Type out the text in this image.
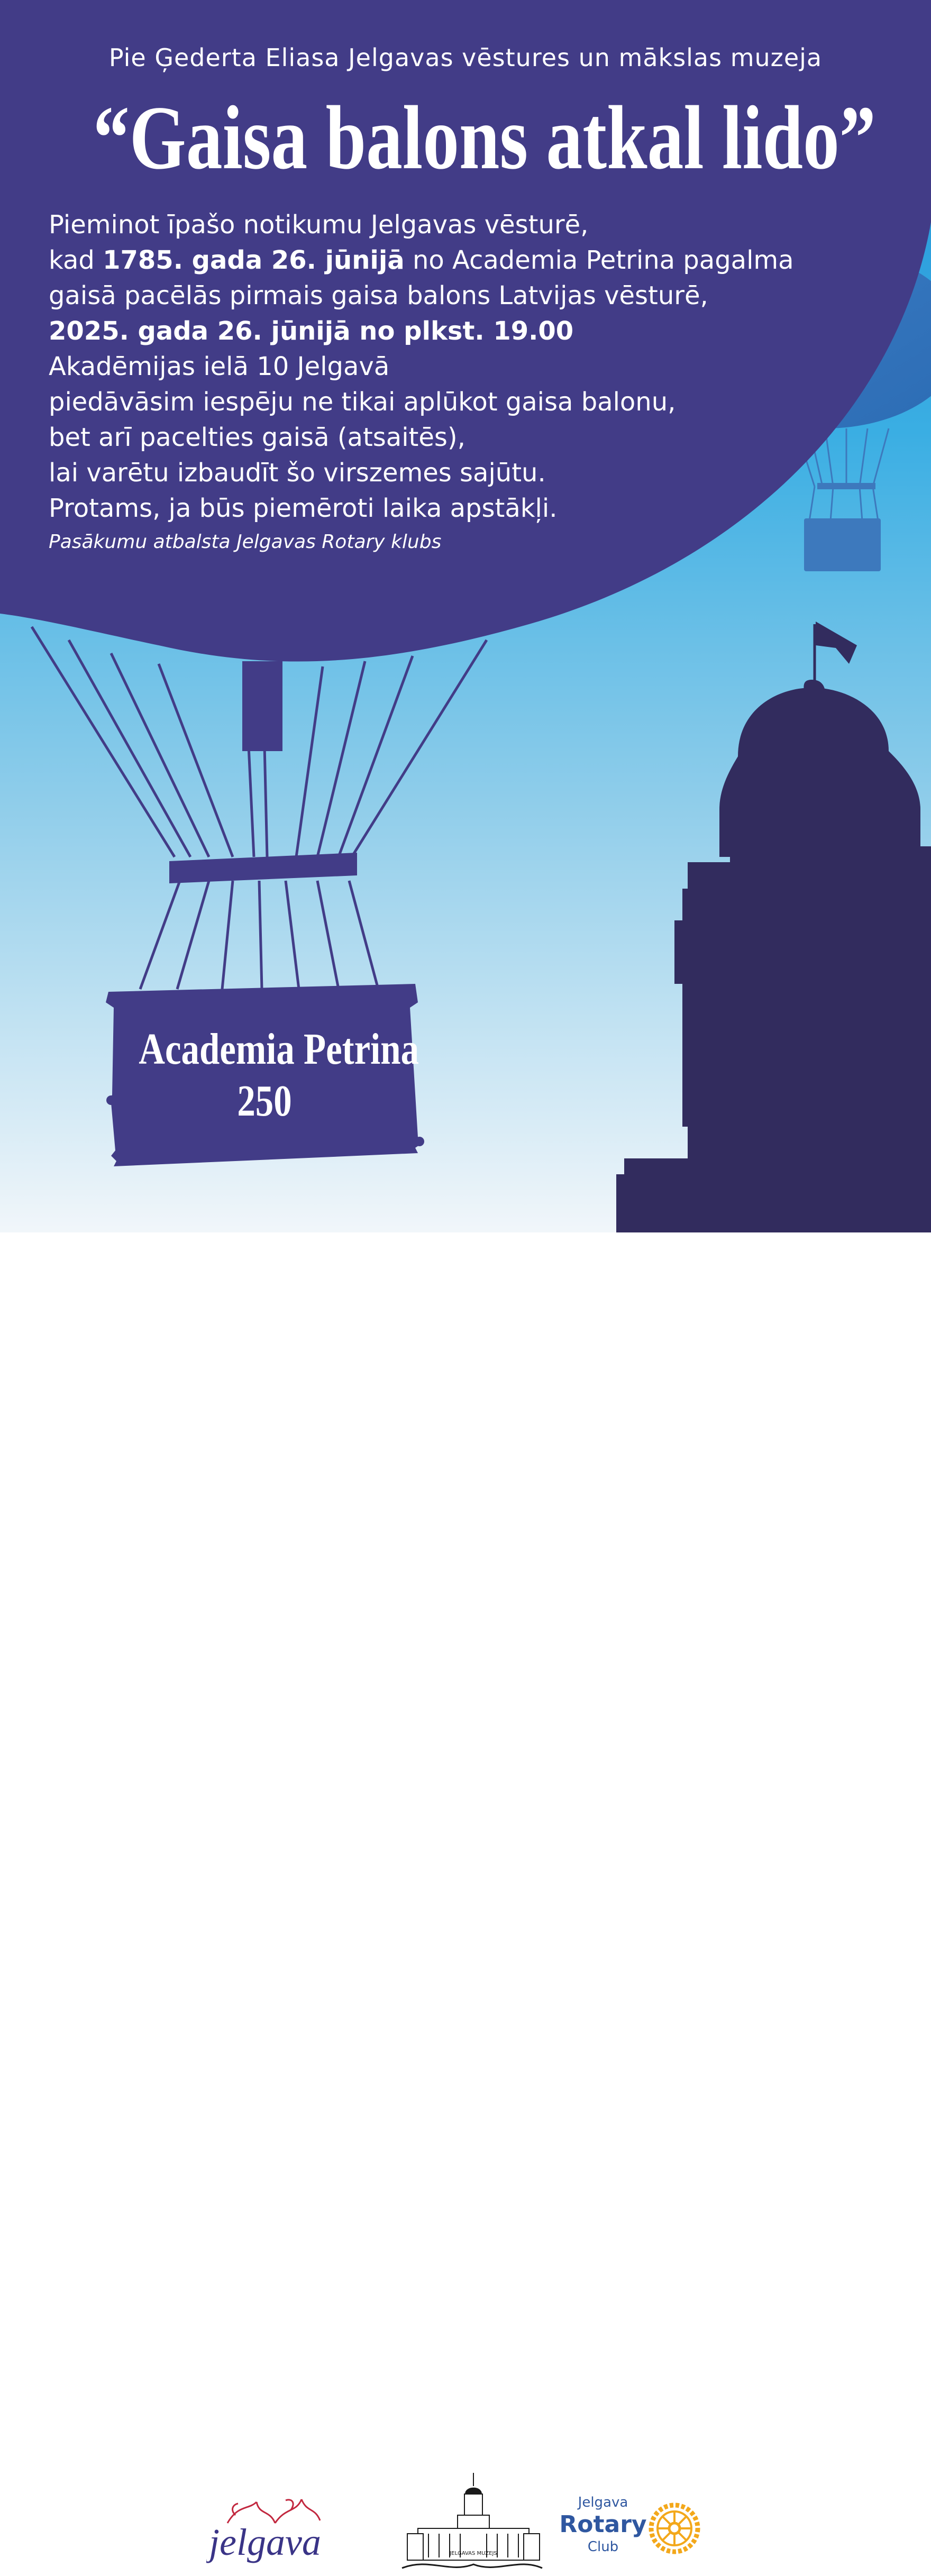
Pie Ģederta Eliasa Jelgavas vēstures un mākslas muzeja
“Gaisa balons atkal lido”
Pieminot īpašo notikumu Jelgavas vēsturē,
kad 1785. gada 26. jūnijā no Academia Petrina pagalma
gaisā pacēlās pirmais gaisa balons Latvijas vēsturē,
2025. gada 26. jūnijā no plkst. 19.00
Akadēmijas ielā 10 Jelgavā
piedāvāsim iespēju ne tikai aplūkot gaisa balonu,
bet arī pacelties gaisā (atsaitēs),
lai varētu izbaudīt šo virszemes sajūtu.
Protams, ja būs piemēroti laika apstākļi.
Pasākumu atbalsta Jelgavas Rotary klubs
Academia Petrina
250
jelgava	JELGAVAS MUZEJS
Jelgava
Rotary
Club
